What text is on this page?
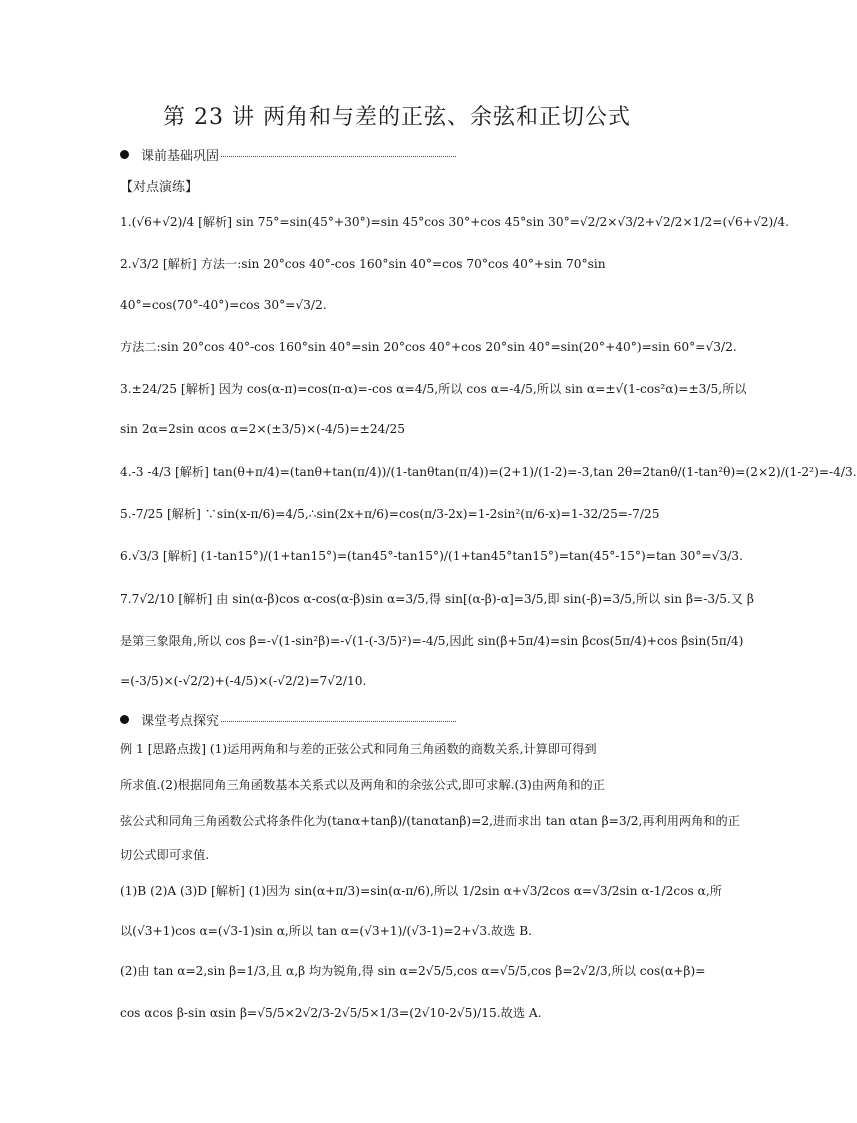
第 23 讲 两角和与差的正弦、余弦和正切公式
课前基础巩固
【对点演练】
1.(√6+√2)/4 [解析] sin 75°=sin(45°+30°)=sin 45°cos 30°+cos 45°sin 30°=√2/2×√3/2+√2/2×1/2=(√6+√2)/4.
2.√3/2 [解析] 方法一:sin 20°cos 40°-cos 160°sin 40°=cos 70°cos 40°+sin 70°sin
40°=cos(70°-40°)=cos 30°=√3/2.
方法二:sin 20°cos 40°-cos 160°sin 40°=sin 20°cos 40°+cos 20°sin 40°=sin(20°+40°)=sin 60°=√3/2.
3.±24/25 [解析] 因为 cos(α-π)=cos(π-α)=-cos α=4/5,所以 cos α=-4/5,所以 sin α=±√(1-cos²α)=±3/5,所以
sin 2α=2sin αcos α=2×(±3/5)×(-4/5)=±24/25
4.-3 -4/3 [解析] tan(θ+π/4)=(tanθ+tan(π/4))/(1-tanθtan(π/4))=(2+1)/(1-2)=-3,tan 2θ=2tanθ/(1-tan²θ)=(2×2)/(1-2²)=-4/3.
5.-7/25 [解析] ∵sin(x-π/6)=4/5,∴sin(2x+π/6)=cos(π/3-2x)=1-2sin²(π/6-x)=1-32/25=-7/25
6.√3/3 [解析] (1-tan15°)/(1+tan15°)=(tan45°-tan15°)/(1+tan45°tan15°)=tan(45°-15°)=tan 30°=√3/3.
7.7√2/10 [解析] 由 sin(α-β)cos α-cos(α-β)sin α=3/5,得 sin[(α-β)-α]=3/5,即 sin(-β)=3/5,所以 sin β=-3/5.又 β
是第三象限角,所以 cos β=-√(1-sin²β)=-√(1-(-3/5)²)=-4/5,因此 sin(β+5π/4)=sin βcos(5π/4)+cos βsin(5π/4)
=(-3/5)×(-√2/2)+(-4/5)×(-√2/2)=7√2/10.
课堂考点探究
例 1 [思路点拨] (1)运用两角和与差的正弦公式和同角三角函数的商数关系,计算即可得到
所求值.(2)根据同角三角函数基本关系式以及两角和的余弦公式,即可求解.(3)由两角和的正
弦公式和同角三角函数公式将条件化为(tanα+tanβ)/(tanαtanβ)=2,进而求出 tan αtan β=3/2,再利用两角和的正
切公式即可求值.
(1)B (2)A (3)D [解析] (1)因为 sin(α+π/3)=sin(α-π/6),所以 1/2sin α+√3/2cos α=√3/2sin α-1/2cos α,所
以(√3+1)cos α=(√3-1)sin α,所以 tan α=(√3+1)/(√3-1)=2+√3.故选 B.
(2)由 tan α=2,sin β=1/3,且 α,β 均为锐角,得 sin α=2√5/5,cos α=√5/5,cos β=2√2/3,所以 cos(α+β)=
cos αcos β-sin αsin β=√5/5×2√2/3-2√5/5×1/3=(2√10-2√5)/15.故选 A.
